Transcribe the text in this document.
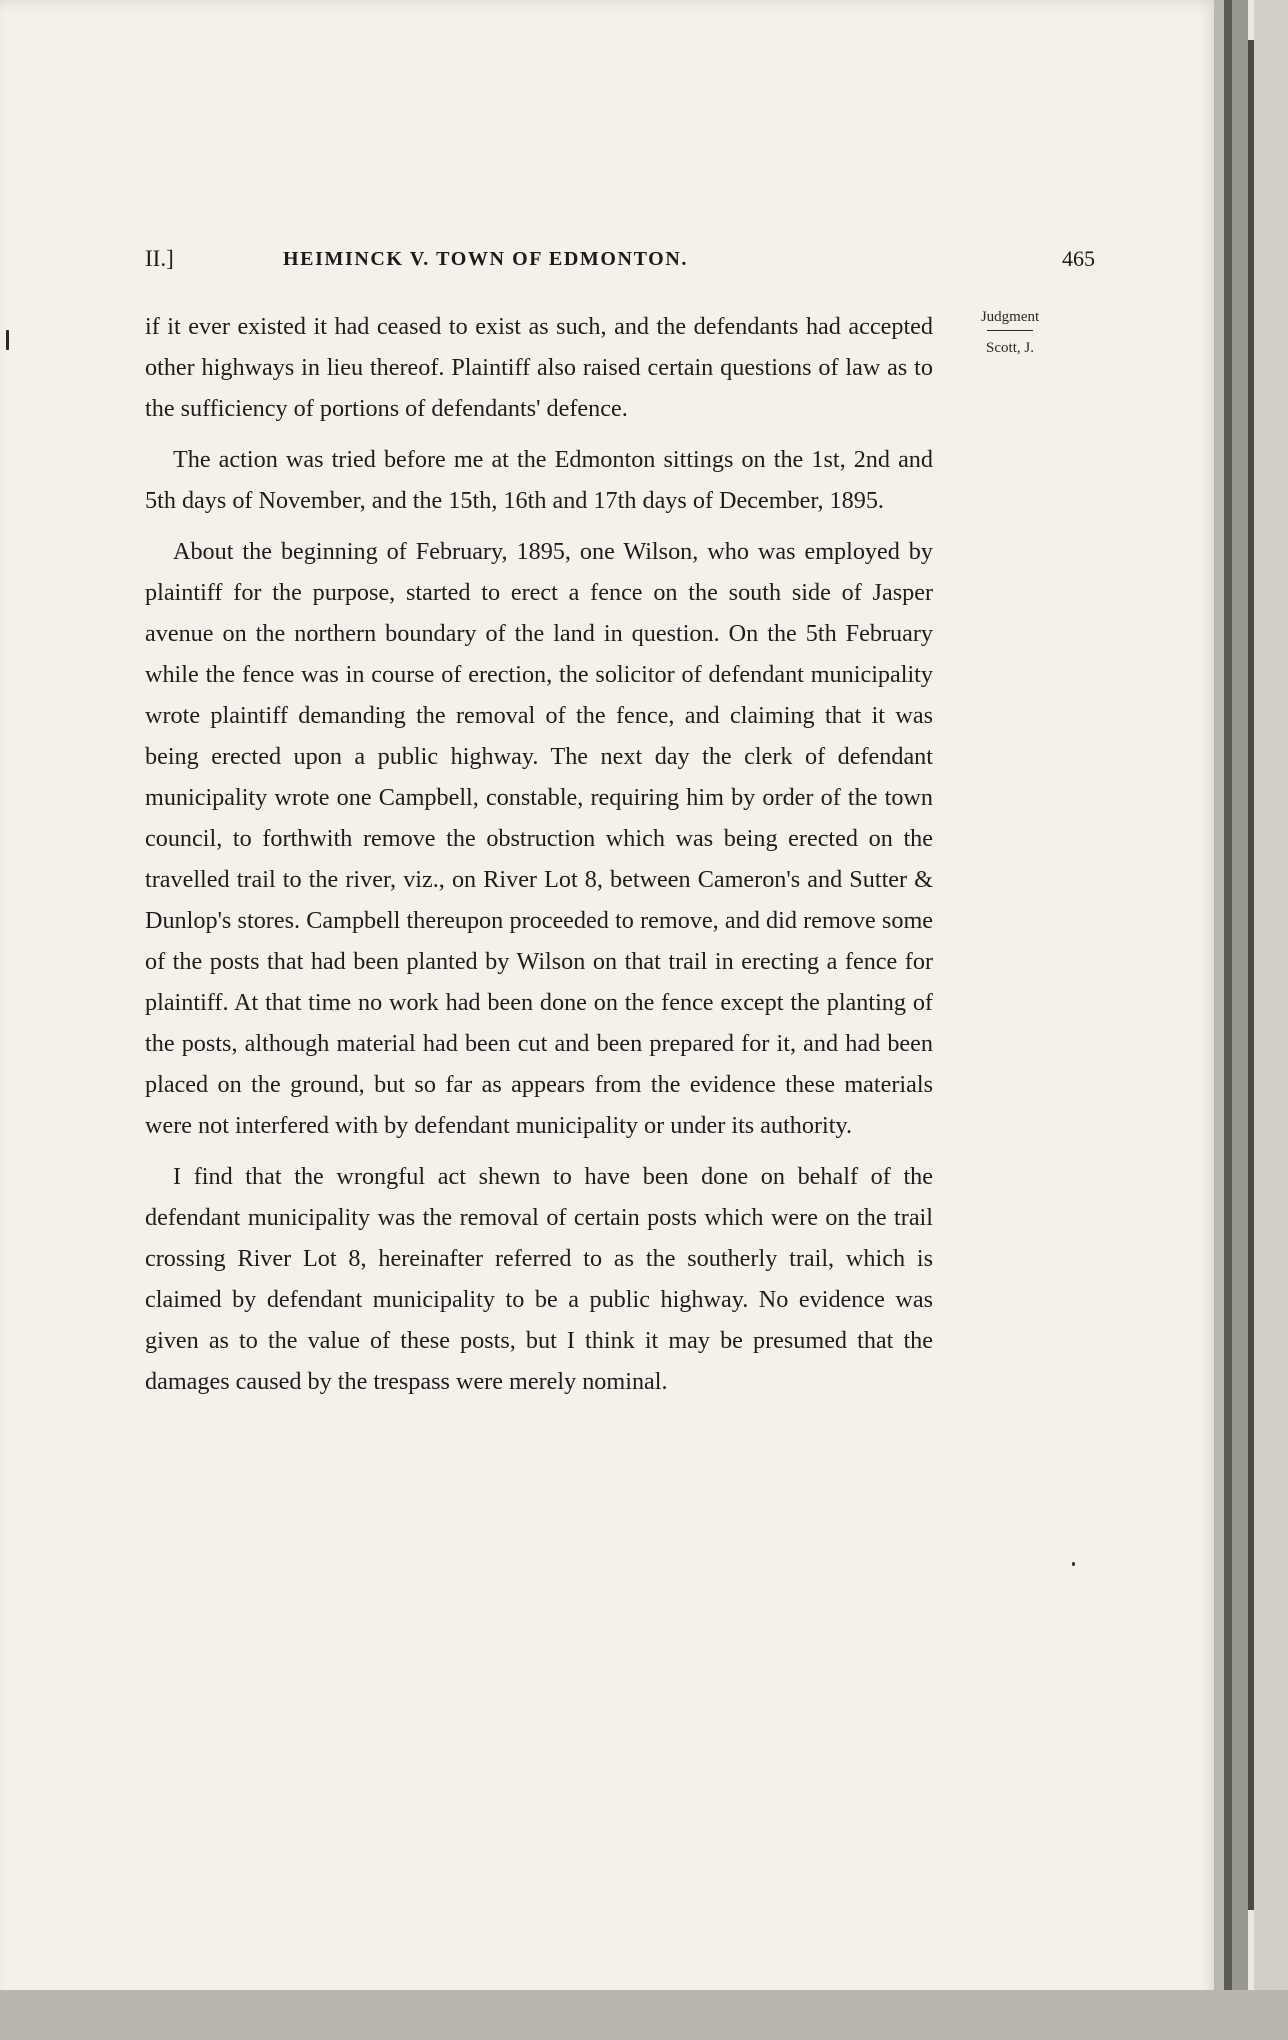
II.]	HEIMINCK V. TOWN OF EDMONTON.	465

if it ever existed it had ceased to exist as such, and the defendants had accepted other highways in lieu thereof. Plaintiff also raised certain questions of law as to the sufficiency of portions of defendants' defence.

The action was tried before me at the Edmonton sittings on the 1st, 2nd and 5th days of November, and the 15th, 16th and 17th days of December, 1895.

About the beginning of February, 1895, one Wilson, who was employed by plaintiff for the purpose, started to erect a fence on the south side of Jasper avenue on the northern boundary of the land in question. On the 5th February while the fence was in course of erection, the solicitor of defendant municipality wrote plaintiff demanding the removal of the fence, and claiming that it was being erected upon a public highway. The next day the clerk of defendant municipality wrote one Campbell, constable, requiring him by order of the town council, to forthwith remove the obstruction which was being erected on the travelled trail to the river, viz., on River Lot 8, between Cameron's and Sutter & Dunlop's stores. Campbell thereupon proceeded to remove, and did remove some of the posts that had been planted by Wilson on that trail in erecting a fence for plaintiff. At that time no work had been done on the fence except the planting of the posts, although material had been cut and been prepared for it, and had been placed on the ground, but so far as appears from the evidence these materials were not interfered with by defendant municipality or under its authority.

I find that the wrongful act shewn to have been done on behalf of the defendant municipality was the removal of certain posts which were on the trail crossing River Lot 8, hereinafter referred to as the southerly trail, which is claimed by defendant municipality to be a public highway. No evidence was given as to the value of these posts, but I think it may be presumed that the damages caused by the trespass were merely nominal.

Judgment
Scott, J.
